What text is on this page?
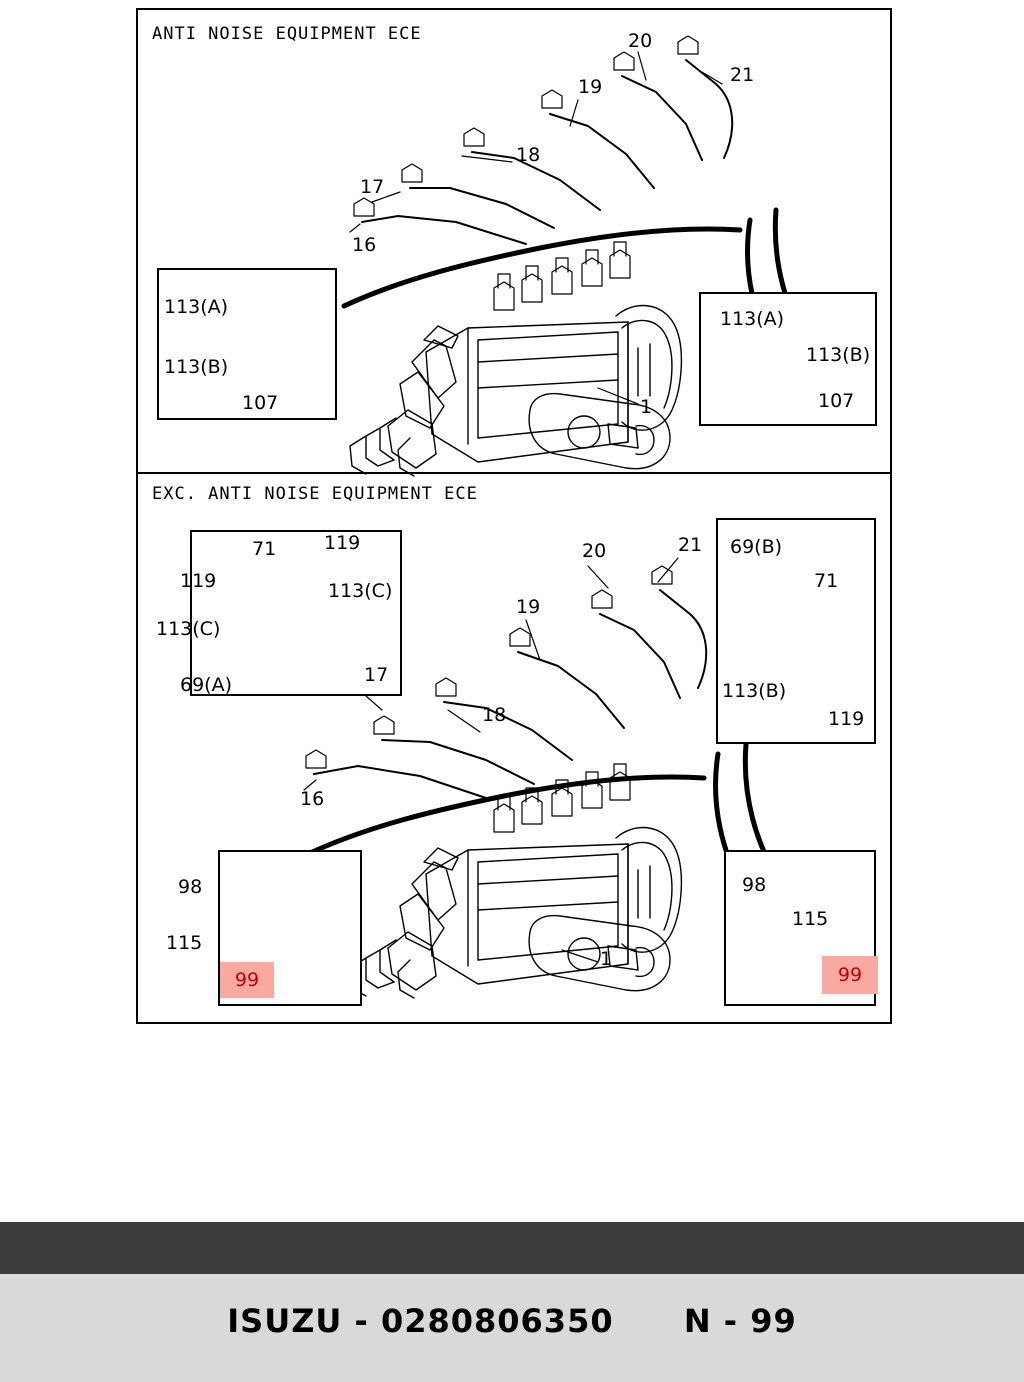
ANTI NOISE EQUIPMENT ECE
EXC. ANTI NOISE EQUIPMENT ECE
16
17
18
19
20
21
1
113(A)
113(B)
107
113(A)
113(B)
107
16
17
18
19
20	21
1
71	119
119	113(C)
113(C)
69(A)
69(B)
71
113(B)
119
98
115
99
98
115
99
ISUZU - 0280806350 N - 99
